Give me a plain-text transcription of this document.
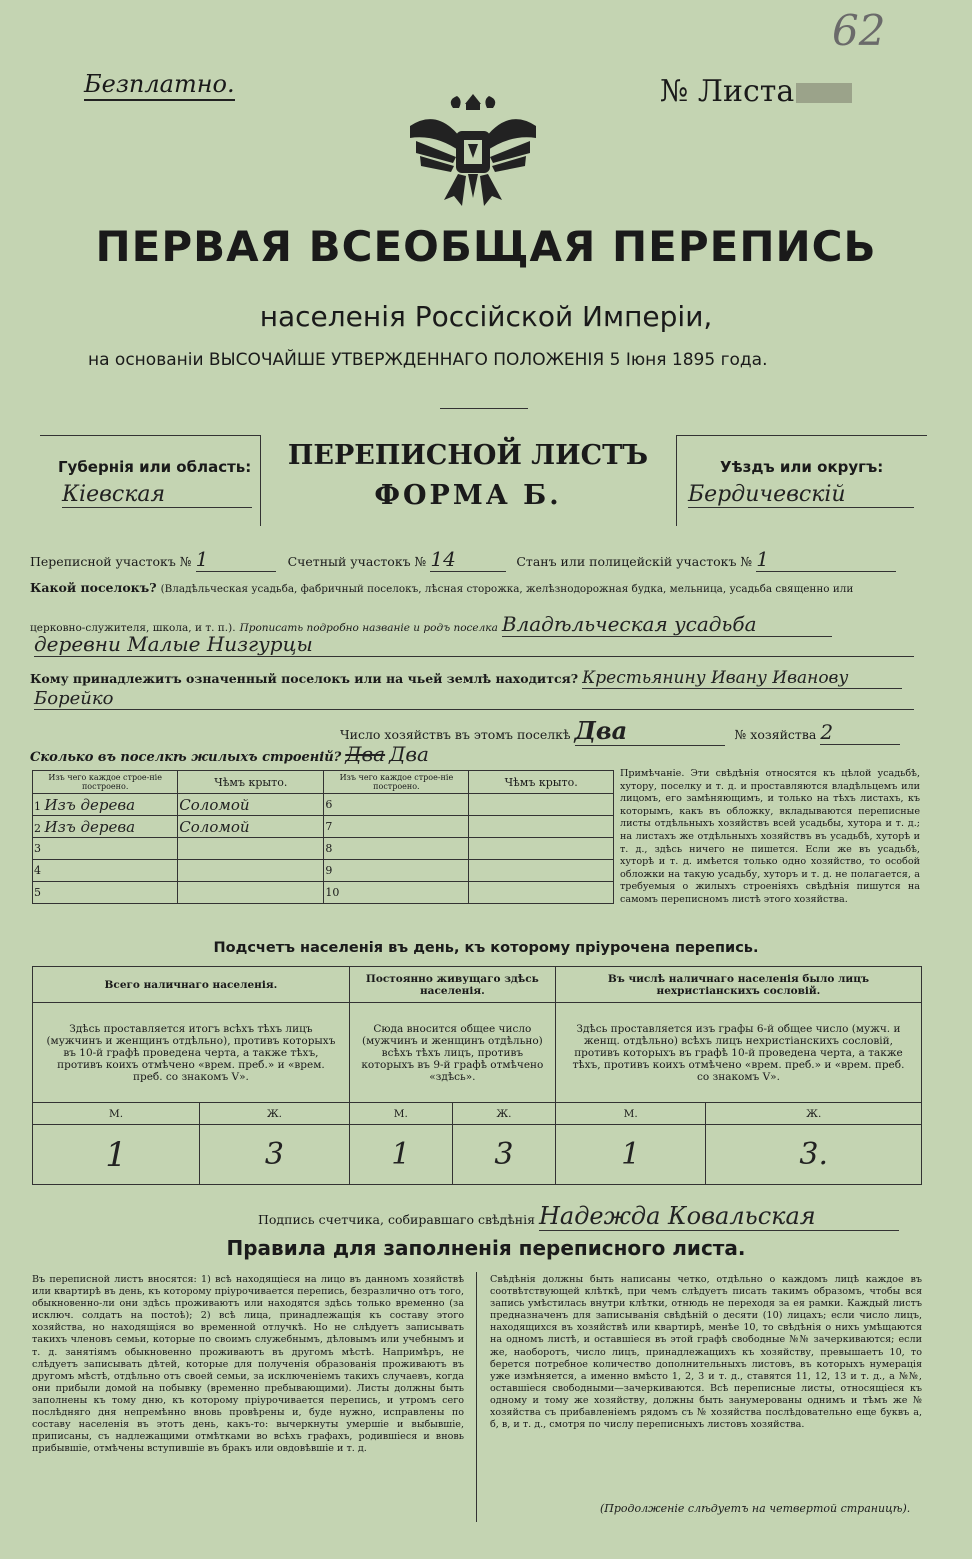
62
Безплатно.	№ Листа
ПЕРВАЯ ВСЕОБЩАЯ ПЕРЕПИСЬ
населенія Россійской Имперіи,
на основаніи ВЫСОЧАЙШЕ УТВЕРЖДЕННАГО ПОЛОЖЕНІЯ 5 Іюня 1895 года.
Губернія или область:
Кіевская
ПЕРЕПИСНОЙ ЛИСТЪ
ФОРМА Б.
Уѣздъ или округъ:
Бердичевскій
Переписной участокъ № 1	Счетный участокъ № 14	Станъ или полицейскій участокъ № 1
Какой поселокъ? (Владѣльческая усадьба, фабричный поселокъ, лѣсная сторожка, желѣзнодорожная будка, мельница, усадьба священно или
церковно-служителя, школа, и т. п.). Прописать подробно названіе и родъ поселка Владѣльческая усадьба
деревни Малые Низгурцы
Кому принадлежитъ означенный поселокъ или на чьей землѣ находится? Крестьянину Ивану Иванову
Борейко
Число хозяйствъ въ этомъ поселкѣ Два	№ хозяйства 2
Сколько въ поселкѣ жилыхъ строеній? Два Два
Изъ чего каждое строе-ніе построено.	Чѣмъ крыто.	Изъ чего каждое строе-ніе построено.	Чѣмъ крыто.
1 Изъ дерева	Соломой	6	
2 Изъ дерева	Соломой	7	
3		8	
4		9	
5		10	
Примѣчаніе. Эти свѣдѣнія относятся къ цѣлой усадьбѣ, хутору, поселку и т. д. и проставляются владѣльцемъ или лицомъ, его замѣняющимъ, и только на тѣхъ листахъ, къ которымъ, какъ въ обложку, вкладываются переписные листы отдѣльныхъ хозяйствъ всей усадьбы, хутора и т. д.; на листахъ же отдѣльныхъ хозяйствъ въ усадьбѣ, хуторѣ и т. д., здѣсь ничего не пишется. Если же въ усадьбѣ, хуторѣ и т. д. имѣется только одно хозяйство, то особой обложки на такую усадьбу, хуторъ и т. д. не полагается, а требуемыя о жилыхъ строеніяхъ свѣдѣнія пишутся на самомъ переписномъ листѣ этого хозяйства.
Подсчетъ населенія въ день, къ которому пріурочена перепись.
Всего наличнаго населенія.		Постоянно живущаго здѣсь населенія.		Въ числѣ наличнаго населенія было лицъ нехристіанскихъ сословій.	
Здѣсь проставляется итогъ всѣхъ тѣхъ лицъ (мужчинъ и женщинъ отдѣльно), противъ которыхъ въ 10-й графѣ проведена черта, а также тѣхъ, противъ коихъ отмѣчено «врем. преб.» и «врем. преб. со знакомъ V».		Сюда вносится общее число (мужчинъ и женщинъ отдѣльно) всѣхъ тѣхъ лицъ, противъ которыхъ въ 9-й графѣ отмѣчено «здѣсь».		Здѣсь проставляется изъ графы 6-й общее число (мужч. и женщ. отдѣльно) всѣхъ лицъ нехристіанскихъ сословій, противъ которыхъ въ графѣ 10-й проведена черта, а также тѣхъ, противъ коихъ отмѣчено «врем. преб.» и «врем. преб. со знакомъ V».	
М.	Ж.	М.	Ж.	М.	Ж.
1	3	1	3	1	3.
Подпись счетчика, собиравшаго свѣдѣнія Надежда Ковальская
Правила для заполненія переписного листа.
Въ переписной листъ вносятся: 1) всѣ находящіеся на лицо въ данномъ хозяйствѣ или квартирѣ въ день, къ которому пріурочивается перепись, безразлично отъ того, обыкновенно-ли они здѣсь проживаютъ или находятся здѣсь только временно (за исключ. солдатъ на постоѣ); 2) всѣ лица, принадлежащія къ составу этого хозяйства, но находящіяся во временной отлучкѣ. Но не слѣдуетъ записывать такихъ членовъ семьи, которые по своимъ служебнымъ, дѣловымъ или учебнымъ и т. д. занятіямъ обыкновенно проживаютъ въ другомъ мѣстѣ. Напримѣръ, не слѣдуетъ записывать дѣтей, которые для полученія образованія проживаютъ въ другомъ мѣстѣ, отдѣльно отъ своей семьи, за исключеніемъ такихъ случаевъ, когда они прибыли домой на побывку (временно пребывающими). Листы должны быть заполнены къ тому дню, къ которому пріурочивается перепись, и утромъ сего послѣдняго дня непремѣнно вновь провѣрены и, буде нужно, исправлены по составу населенія въ этотъ день, какъ-то: вычеркнуты умершіе и выбывшіе, приписаны, съ надлежащими отмѣтками во всѣхъ графахъ, родившіеся и вновь прибывшіе, отмѣчены вступившіе въ бракъ или овдовѣвшіе и т. д.
Свѣдѣнія должны быть написаны четко, отдѣльно о каждомъ лицѣ каждое въ соотвѣтствующей клѣткѣ, при чемъ слѣдуетъ писать такимъ образомъ, чтобы вся запись умѣстилась внутри клѣтки, отнюдь не переходя за ея рамки. Каждый листъ предназначенъ для записыванія свѣдѣній о десяти (10) лицахъ; если число лицъ, находящихся въ хозяйствѣ или квартирѣ, менѣе 10, то свѣдѣнія о нихъ умѣщаются на одномъ листѣ, и оставшіеся въ этой графѣ свободные №№ зачеркиваются; если же, наоборотъ, число лицъ, принадлежащихъ къ хозяйству, превышаетъ 10, то берется потребное количество дополнительныхъ листовъ, въ которыхъ нумерація уже измѣняется, а именно вмѣсто 1, 2, 3 и т. д., ставятся 11, 12, 13 и т. д., а №№, оставшіеся свободными—зачеркиваются. Всѣ переписные листы, относящіеся къ одному и тому же хозяйству, должны быть занумерованы однимъ и тѣмъ же № хозяйства съ прибавленіемъ рядомъ съ № хозяйства послѣдовательно еще буквъ а, б, в, и т. д., смотря по числу переписныхъ листовъ хозяйства.
(Продолженіе слѣдуетъ на четвертой страницѣ).
